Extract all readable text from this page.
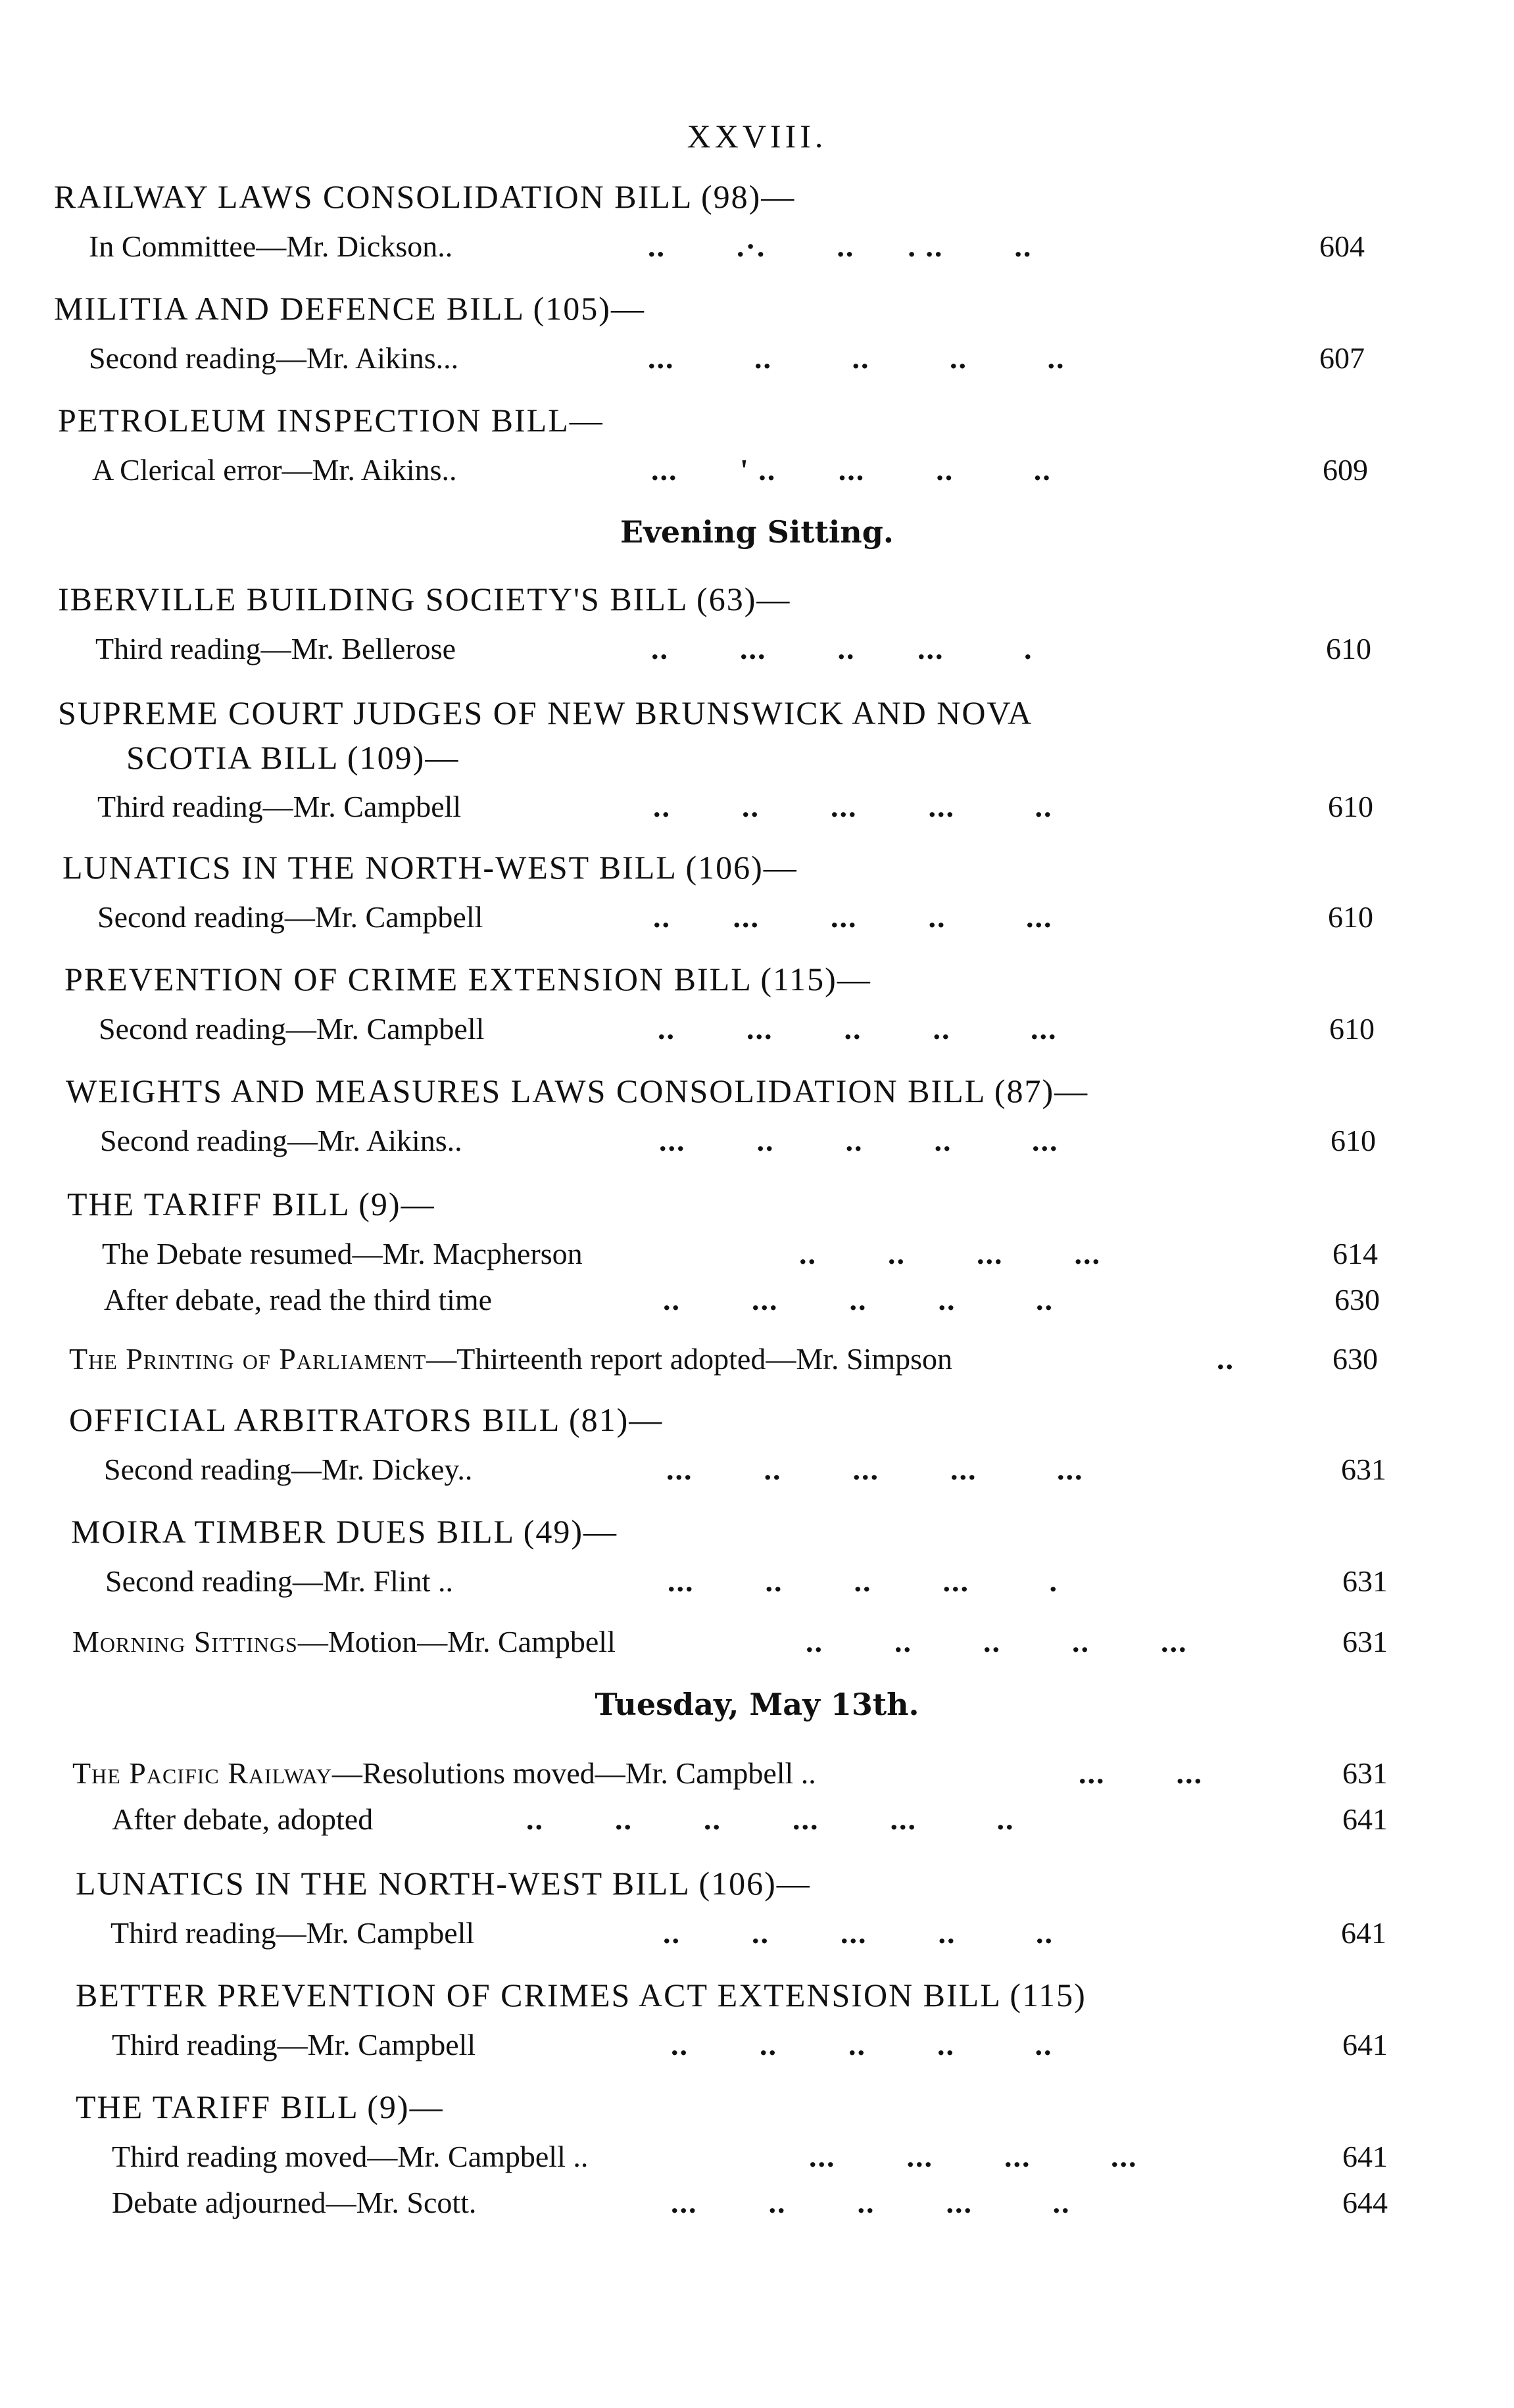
XXVIII.
RAILWAY LAWS CONSOLIDATION BILL (98)—
In Committee—Mr. Dickson..	..        .·.        ..      . ..        ..	604
MILITIA AND DEFENCE BILL (105)—
Second reading—Mr. Aikins...	...         ..         ..         ..         ..	607
PETROLEUM INSPECTION BILL—
A Clerical error—Mr. Aikins..	...       ' ..       ...        ..         ..	609
Evening Sitting.
IBERVILLE BUILDING SOCIETY'S BILL (63)—
Third reading—Mr. Bellerose	..        ...        ..       ...         .	610
SUPREME COURT JUDGES OF NEW BRUNSWICK AND NOVA
SCOTIA BILL (109)—
Third reading—Mr. Campbell	..        ..        ...        ...         ..	610
LUNATICS IN THE NORTH-WEST BILL (106)—
Second reading—Mr. Campbell	..       ...        ...        ..         ...	610
PREVENTION OF CRIME EXTENSION BILL (115)—
Second reading—Mr. Campbell	..        ...        ..        ..         ...	610
WEIGHTS AND MEASURES LAWS CONSOLIDATION BILL (87)—
Second reading—Mr. Aikins..	...        ..        ..        ..         ...	610
THE TARIFF BILL (9)—
The Debate resumed—Mr. Macpherson	..        ..        ...        ...	614
After debate, read the third time	..        ...        ..        ..         ..	630
The Printing of Parliament—Thirteenth report adopted—Mr. Simpson	..	630
OFFICIAL ARBITRATORS BILL (81)—
Second reading—Mr. Dickey..	...        ..        ...        ...         ...	631
MOIRA TIMBER DUES BILL (49)—
Second reading—Mr. Flint ..	...        ..        ..        ...         .	631
Morning Sittings—Motion—Mr. Campbell	..        ..        ..        ..        ...	631
Tuesday, May 13th.
The Pacific Railway—Resolutions moved—Mr. Campbell ..	...        ...	631
After debate, adopted	..        ..        ..        ...        ...         ..	641
LUNATICS IN THE NORTH-WEST BILL (106)—
Third reading—Mr. Campbell	..        ..        ...        ..         ..	641
BETTER PREVENTION OF CRIMES ACT EXTENSION BILL (115)
Third reading—Mr. Campbell	..        ..        ..        ..         ..	641
THE TARIFF BILL (9)—
Third reading moved—Mr. Campbell ..	...        ...        ...         ...	641
Debate adjourned—Mr. Scott.	...        ..        ..        ...         ..	644
